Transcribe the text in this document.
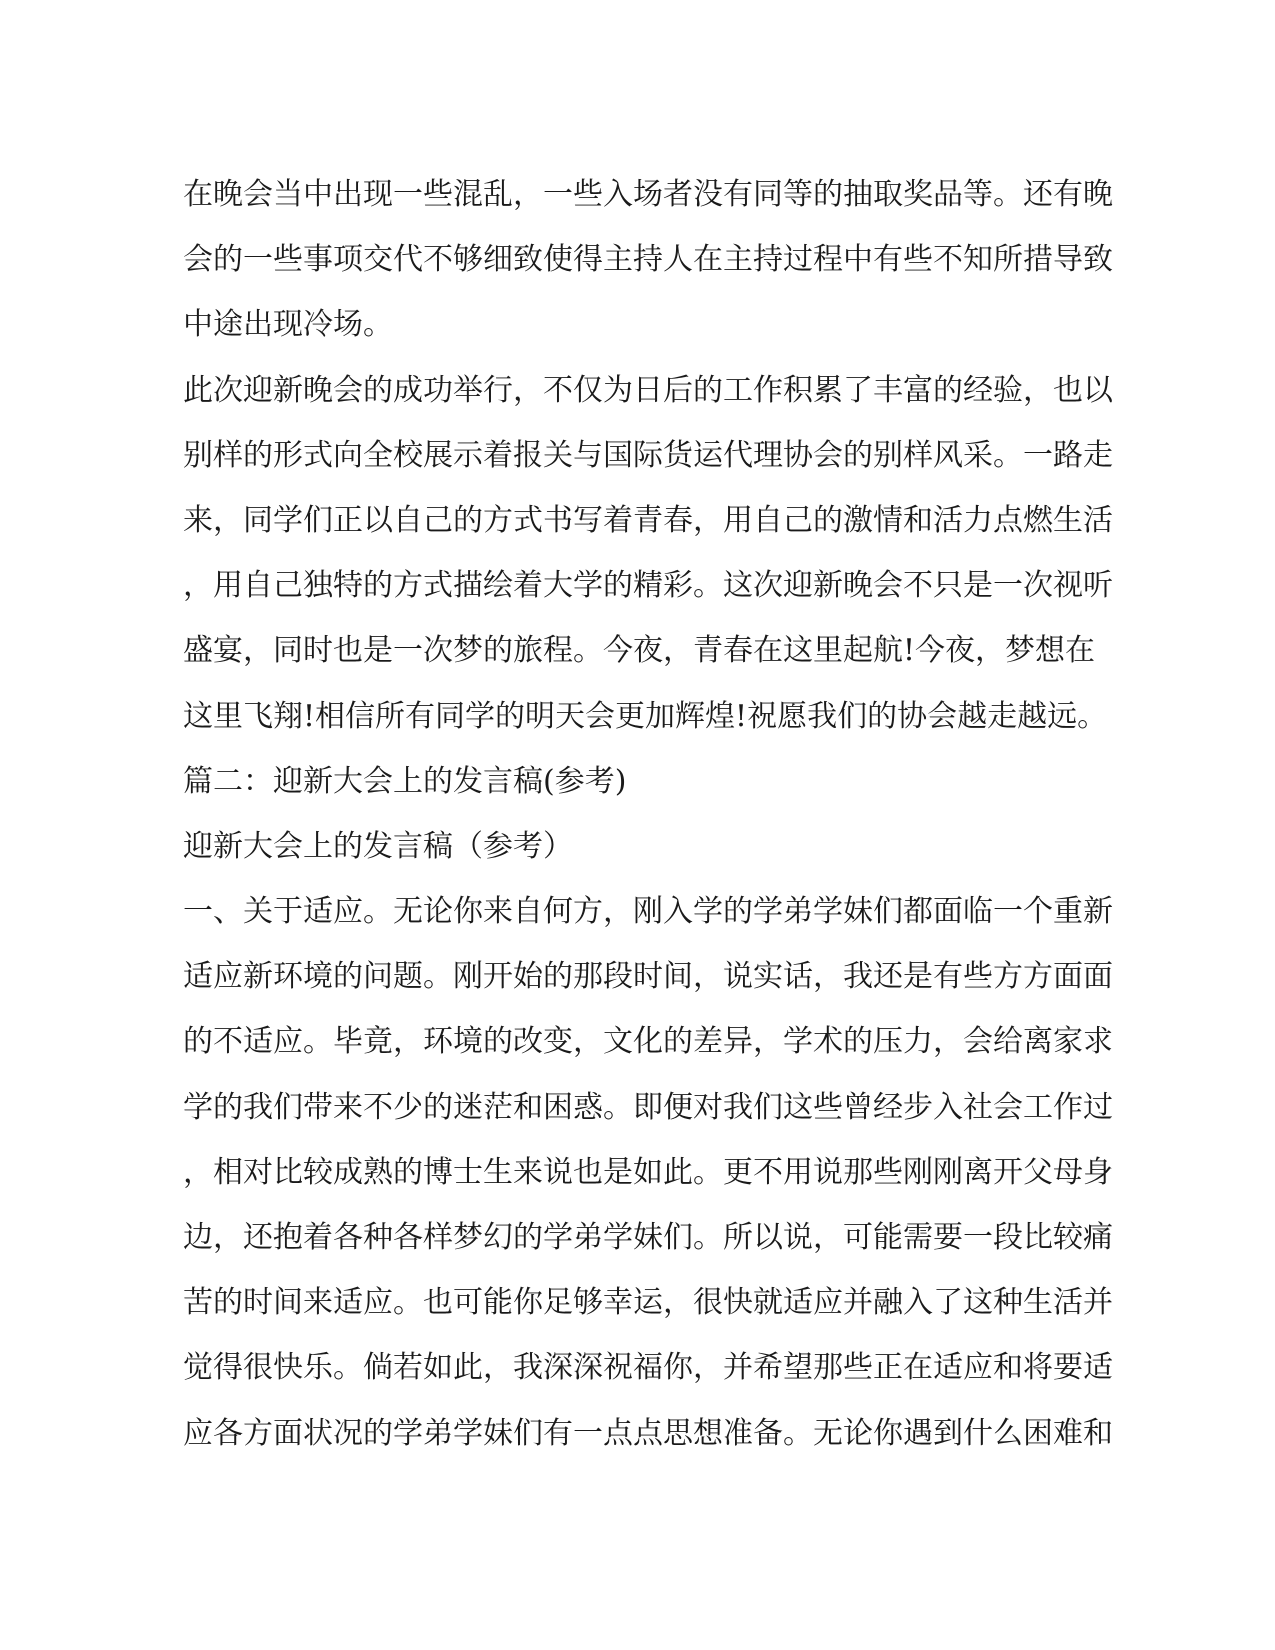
在晚会当中出现一些混乱，一些入场者没有同等的抽取奖品等。还有晚
会的一些事项交代不够细致使得主持人在主持过程中有些不知所措导致
中途出现冷场。
此次迎新晚会的成功举行，不仅为日后的工作积累了丰富的经验，也以
别样的形式向全校展示着报关与国际货运代理协会的别样风采。一路走
来，同学们正以自己的方式书写着青春，用自己的激情和活力点燃生活
，用自己独特的方式描绘着大学的精彩。这次迎新晚会不只是一次视听
盛宴，同时也是一次梦的旅程。今夜，青春在这里起航!今夜，梦想在
这里飞翔!相信所有同学的明天会更加辉煌!祝愿我们的协会越走越远。
篇二：迎新大会上的发言稿(参考)
迎新大会上的发言稿（参考）
一、关于适应。无论你来自何方，刚入学的学弟学妹们都面临一个重新
适应新环境的问题。刚开始的那段时间，说实话，我还是有些方方面面
的不适应。毕竟，环境的改变，文化的差异，学术的压力，会给离家求
学的我们带来不少的迷茫和困惑。即便对我们这些曾经步入社会工作过
，相对比较成熟的博士生来说也是如此。更不用说那些刚刚离开父母身
边，还抱着各种各样梦幻的学弟学妹们。所以说，可能需要一段比较痛
苦的时间来适应。也可能你足够幸运，很快就适应并融入了这种生活并
觉得很快乐。倘若如此，我深深祝福你，并希望那些正在适应和将要适
应各方面状况的学弟学妹们有一点点思想准备。无论你遇到什么困难和
